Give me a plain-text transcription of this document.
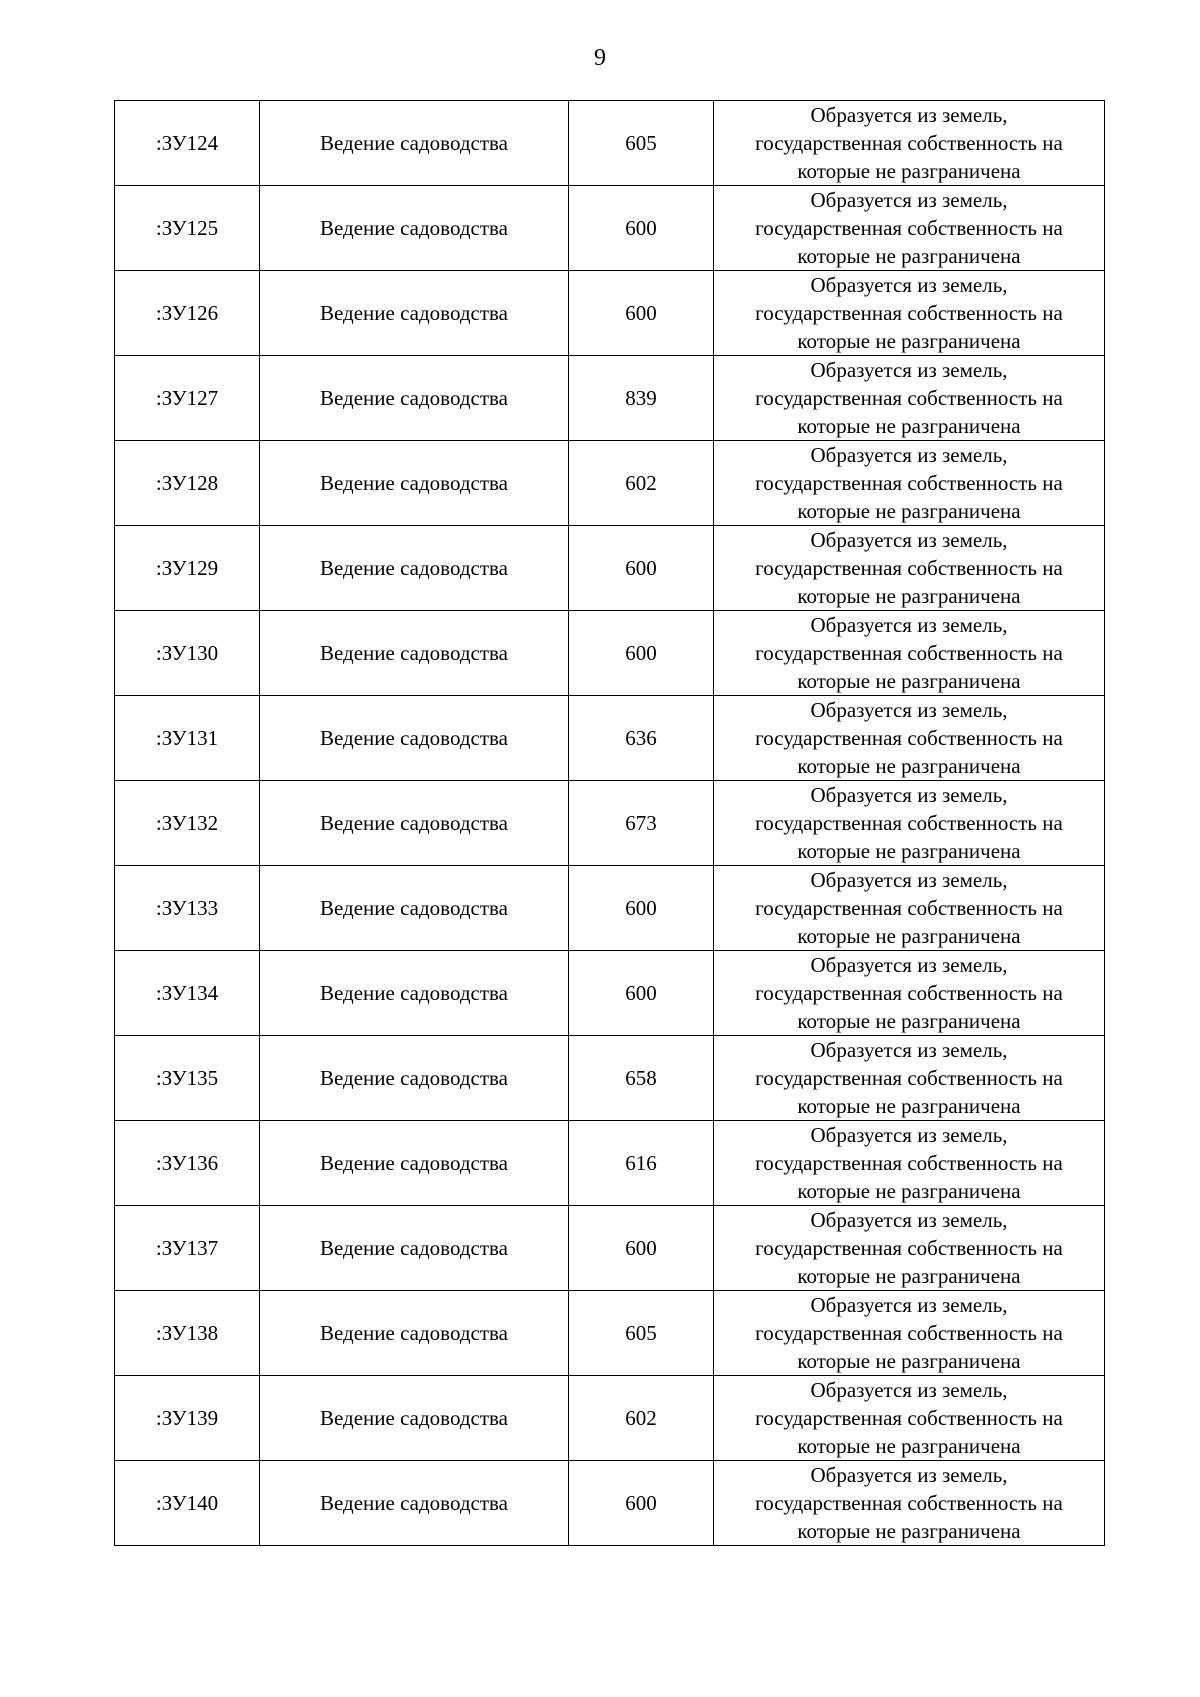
9
:ЗУ124	Ведение садоводства	605	Образуется из земель,
государственная собственность на
которые не разграничена

:ЗУ125	Ведение садоводства	600	Образуется из земель,
государственная собственность на
которые не разграничена

:ЗУ126	Ведение садоводства	600	Образуется из земель,
государственная собственность на
которые не разграничена

:ЗУ127	Ведение садоводства	839	Образуется из земель,
государственная собственность на
которые не разграничена

:ЗУ128	Ведение садоводства	602	Образуется из земель,
государственная собственность на
которые не разграничена

:ЗУ129	Ведение садоводства	600	Образуется из земель,
государственная собственность на
которые не разграничена

:ЗУ130	Ведение садоводства	600	Образуется из земель,
государственная собственность на
которые не разграничена

:ЗУ131	Ведение садоводства	636	Образуется из земель,
государственная собственность на
которые не разграничена

:ЗУ132	Ведение садоводства	673	Образуется из земель,
государственная собственность на
которые не разграничена

:ЗУ133	Ведение садоводства	600	Образуется из земель,
государственная собственность на
которые не разграничена

:ЗУ134	Ведение садоводства	600	Образуется из земель,
государственная собственность на
которые не разграничена

:ЗУ135	Ведение садоводства	658	Образуется из земель,
государственная собственность на
которые не разграничена

:ЗУ136	Ведение садоводства	616	Образуется из земель,
государственная собственность на
которые не разграничена

:ЗУ137	Ведение садоводства	600	Образуется из земель,
государственная собственность на
которые не разграничена

:ЗУ138	Ведение садоводства	605	Образуется из земель,
государственная собственность на
которые не разграничена

:ЗУ139	Ведение садоводства	602	Образуется из земель,
государственная собственность на
которые не разграничена

:ЗУ140	Ведение садоводства	600	Образуется из земель,
государственная собственность на
которые не разграничена
